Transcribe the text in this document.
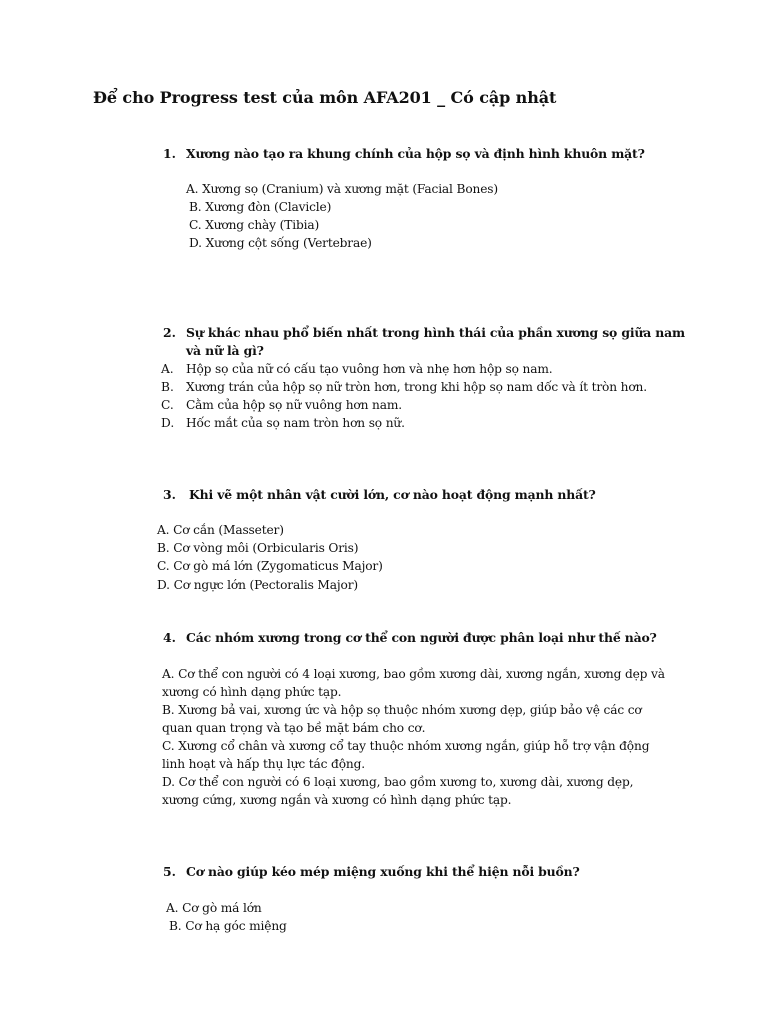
Để cho Progress test của môn AFA201 _ Có cập nhật
1. Xương nào tạo ra khung chính của hộp sọ và định hình khuôn mặt?
A. Xương sọ (Cranium) và xương mặt (Facial Bones)
B. Xương đòn (Clavicle)
C. Xương chày (Tibia)
D. Xương cột sống (Vertebrae)
2. Sự khác nhau phổ biến nhất trong hình thái của phần xương sọ giữa nam
và nữ là gì?
A. Hộp sọ của nữ có cấu tạo vuông hơn và nhẹ hơn hộp sọ nam.
B. Xương trán của hộp sọ nữ tròn hơn, trong khi hộp sọ nam dốc và ít tròn hơn.
C. Cằm của hộp sọ nữ vuông hơn nam.
D. Hốc mắt của sọ nam tròn hơn sọ nữ.
3. Khi vẽ một nhân vật cười lớn, cơ nào hoạt động mạnh nhất?
A. Cơ cắn (Masseter)
B. Cơ vòng môi (Orbicularis Oris)
C. Cơ gò má lớn (Zygomaticus Major)
D. Cơ ngực lớn (Pectoralis Major)
4. Các nhóm xương trong cơ thể con người được phân loại như thế nào?
A. Cơ thể con người có 4 loại xương, bao gồm xương dài, xương ngắn, xương dẹp và
xương có hình dạng phức tạp.
B. Xương bả vai, xương ức và hộp sọ thuộc nhóm xương dẹp, giúp bảo vệ các cơ
quan quan trọng và tạo bề mặt bám cho cơ.
C. Xương cổ chân và xương cổ tay thuộc nhóm xương ngắn, giúp hỗ trợ vận động
linh hoạt và hấp thụ lực tác động.
D. Cơ thể con người có 6 loại xương, bao gồm xương to, xương dài, xương dẹp,
xương cứng, xương ngắn và xương có hình dạng phức tạp.
5. Cơ nào giúp kéo mép miệng xuống khi thể hiện nỗi buồn?
A. Cơ gò má lớn
B. Cơ hạ góc miệng
